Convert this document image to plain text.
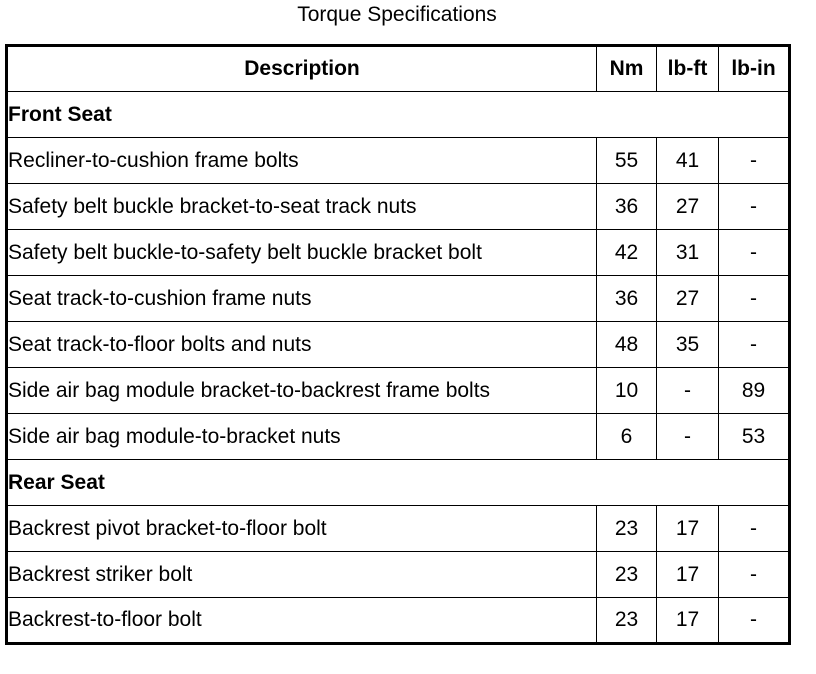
Torque Specifications
Description	Nm	lb-ft	lb-in
Front Seat			
Recliner-to-cushion frame bolts	55	41	-
Safety belt buckle bracket-to-seat track nuts	36	27	-
Safety belt buckle-to-safety belt buckle bracket bolt	42	31	-
Seat track-to-cushion frame nuts	36	27	-
Seat track-to-floor bolts and nuts	48	35	-
Side air bag module bracket-to-backrest frame bolts	10	-	89
Side air bag module-to-bracket nuts	6	-	53
Rear Seat			
Backrest pivot bracket-to-floor bolt	23	17	-
Backrest striker bolt	23	17	-
Backrest-to-floor bolt	23	17	-
